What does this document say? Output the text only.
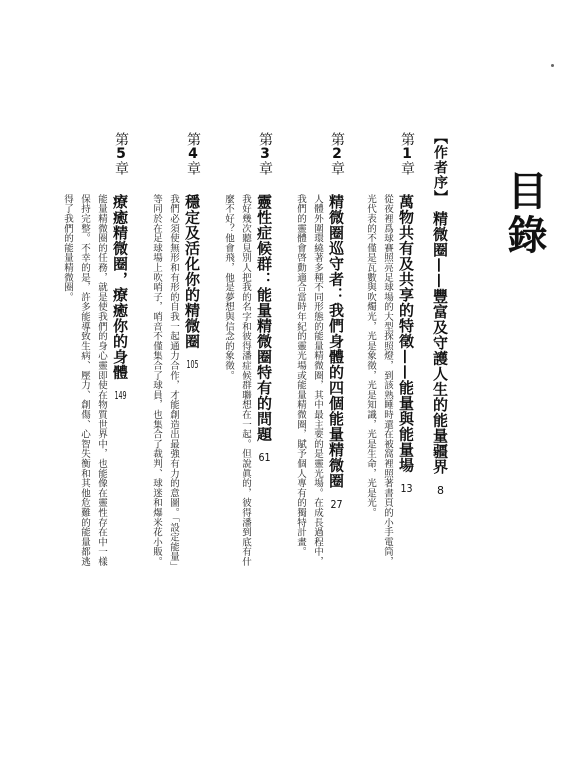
目錄
【作者序】精微圈——豐富及守護人生的能量疆界8
第1章
萬物共有及共享的特徵——能量與能量場13
從夜裡爲球賽照亮足球場的大型探照燈，到該熟睡時還在被窩裡照著書頁的小手電筒，
光代表的不僅是瓦數與吹燭光，光是象徵，光是知識，光是生命，光是光。
第2章
精微圈巡守者：我們身體的四個能量精微圈27
人體外圍環繞著多種不同形態的能量精微圈，其中最主要的是靈光場。在成長過程中，
我們的靈體會啓動適合當時年紀的靈光場或能量精微圈，賦予個人專有的獨特計畫。
第3章
靈性症候群：能量精微圈特有的問題61
我好幾次聽見別人把我的名字和彼得潘症候群聯想在一起。但說眞的，彼得潘到底有什
麼不好？他會飛，他是夢想與信念的象徵。
第4章
穩定及活化你的精微圈105
我們必須使無形和有形的自我一起通力合作，才能創造出最強有力的意圖。「設定能量」
等同於在足球場上吹哨子，哨音不僅集合了球員，也集合了裁判、球迷和爆米花小販。
第5章
療癒精微圈，療癒你的身體149
能量精微圈的任務，就是使我們的身心靈即使在物質世界中，也能像在靈性存在中一樣
保持完整。不幸的是，許多能導致生病、壓力、創傷、心智失衡和其他危難的能量都逃
得了我們的能量精微圈。
